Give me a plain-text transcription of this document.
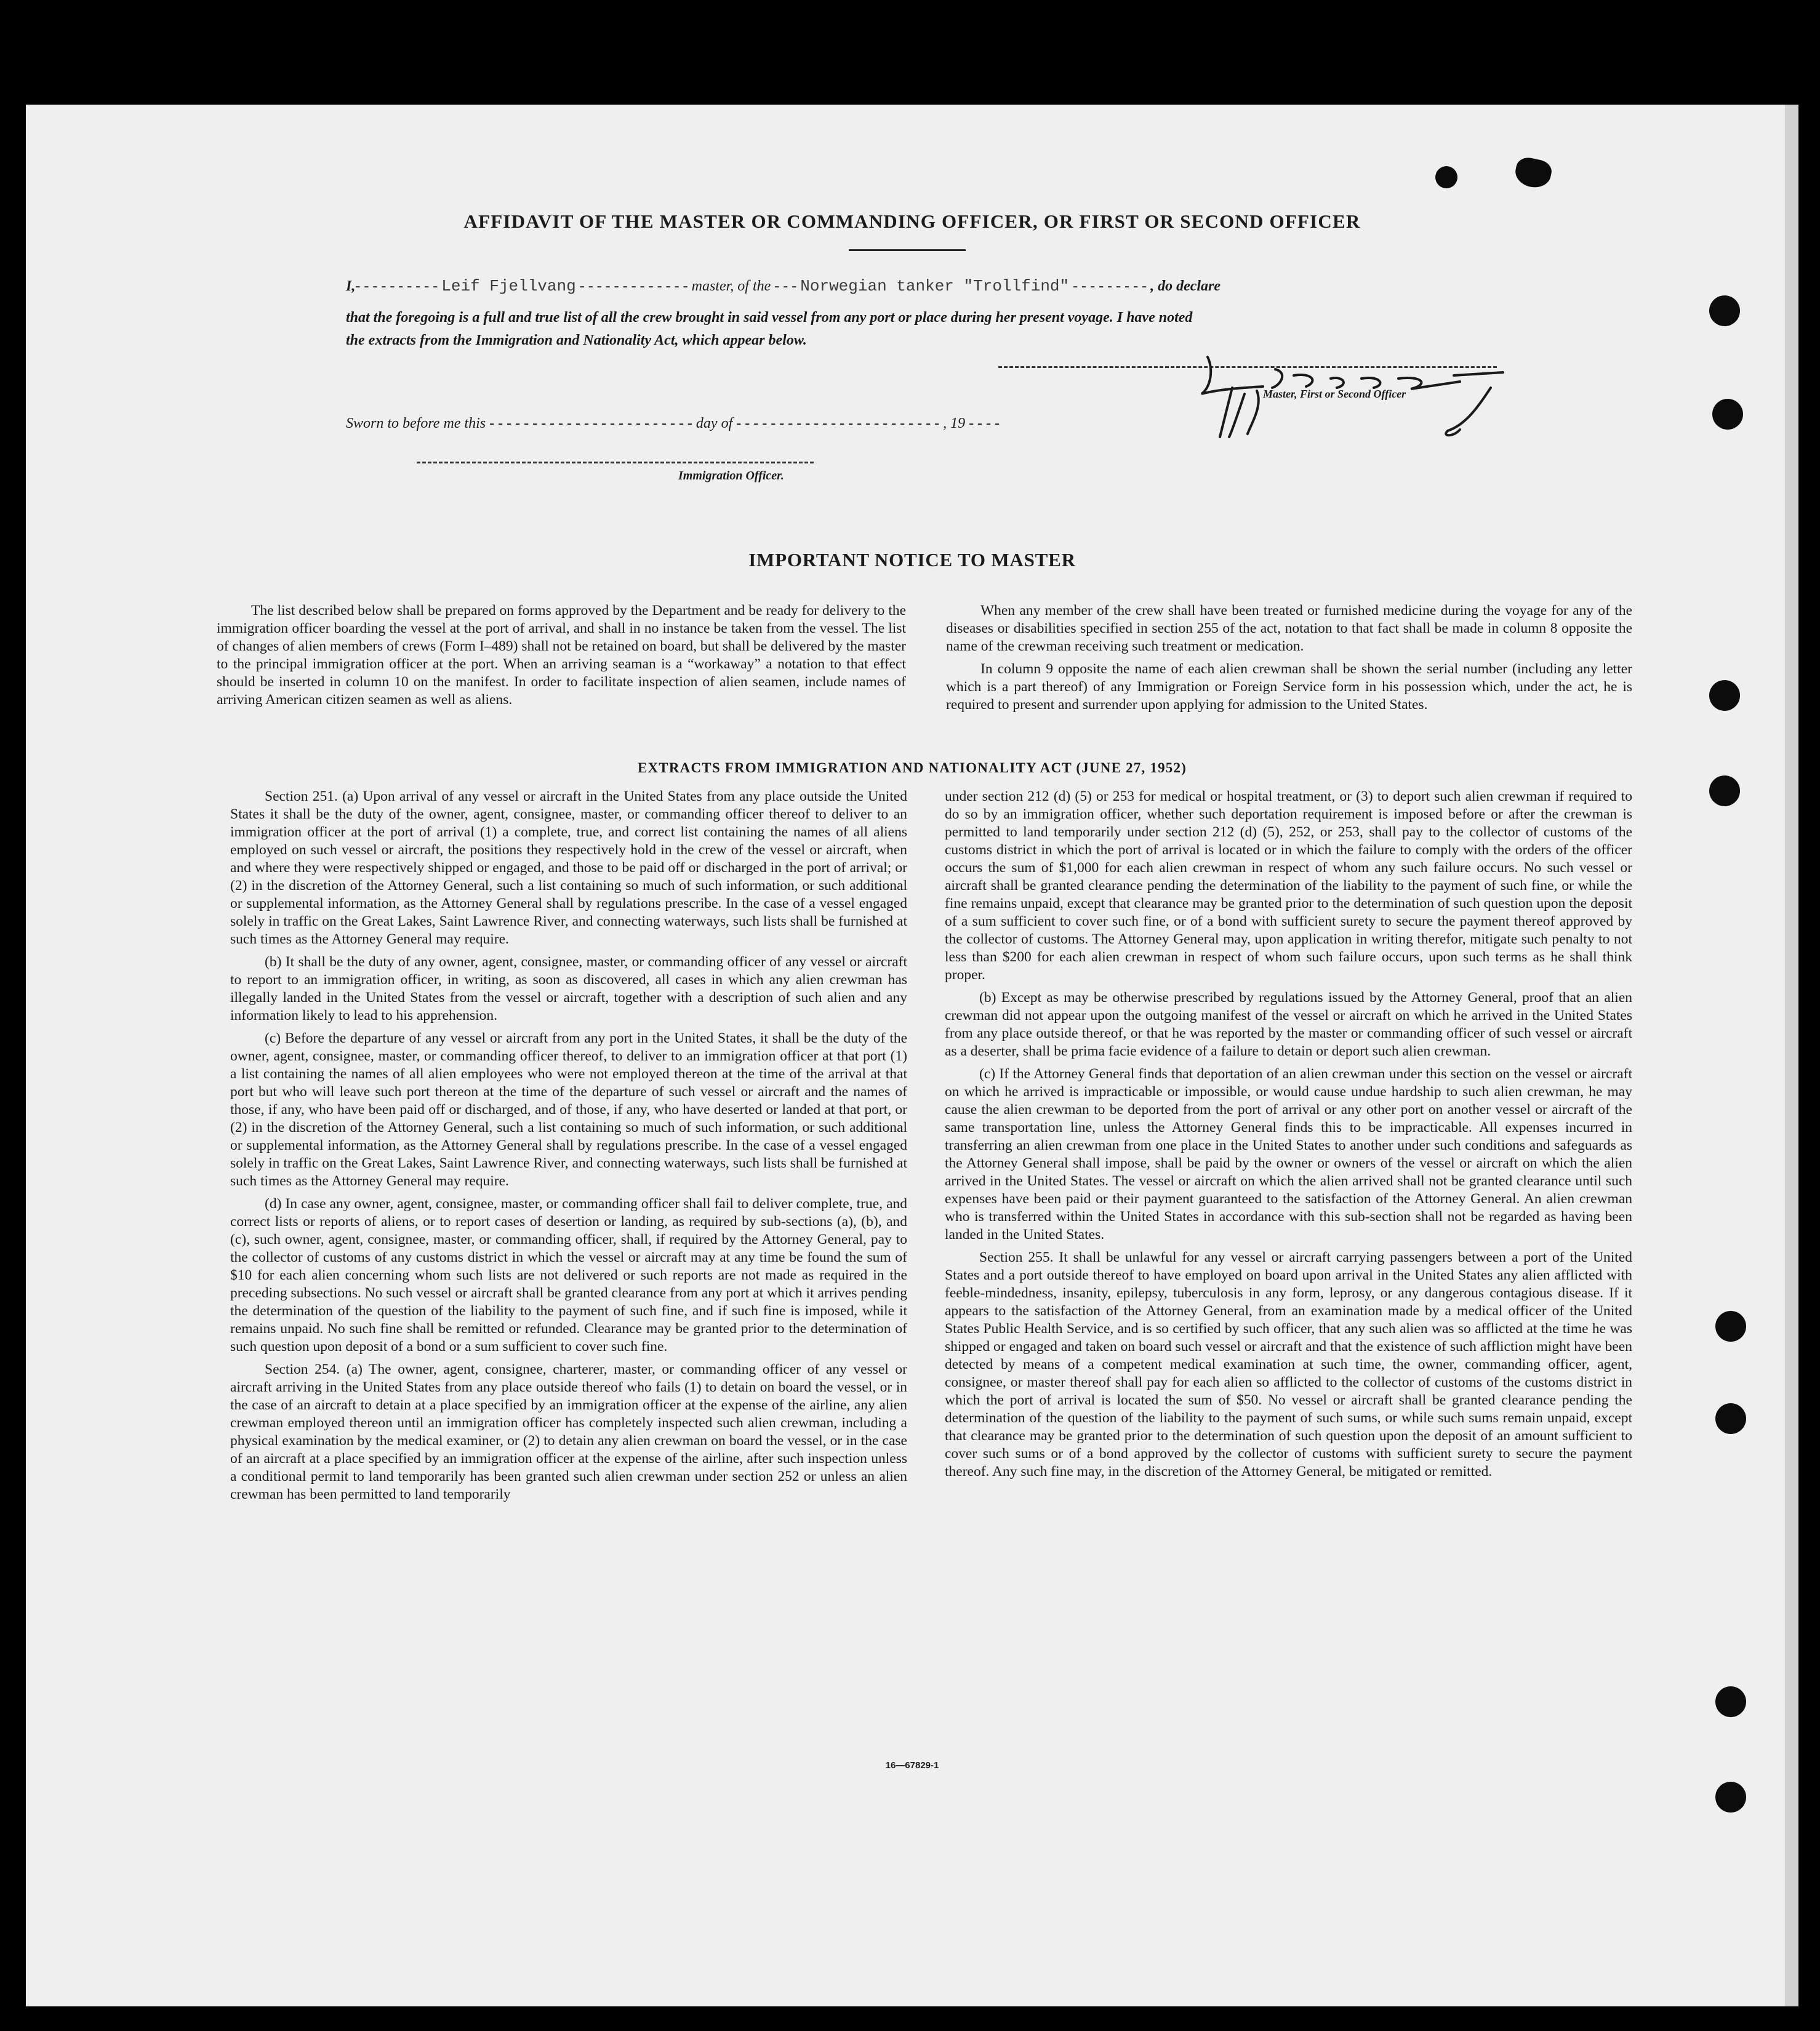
AFFIDAVIT OF THE MASTER OR COMMANDING OFFICER, OR FIRST OR SECOND OFFICER
I,- - - - - - - - - - Leif Fjellvang - - - - - - - - - - - - - master, of the - - - Norwegian tanker "Trollfind" - - - - - - - - - , do declare
that the foregoing is a full and true list of all the crew brought in said vessel from any port or place during her present voyage. I have noted
the extracts from the Immigration and Nationality Act, which appear below.
Master, First or Second Officer
Sworn to before me this - - - - - - - - - - - - - - - - - - - - - - - - day of - - - - - - - - - - - - - - - - - - - - - - - - , 19 - - - -
Immigration Officer.
IMPORTANT NOTICE TO MASTER

The list described below shall be prepared on forms approved by the Department and be ready for delivery to the immigration officer boarding the vessel at the port of arrival, and shall in no instance be taken from the vessel. The list of changes of alien members of crews (Form I–489) shall not be retained on board, but shall be delivered by the master to the principal immigration officer at the port. When an arriving seaman is a “workaway” a notation to that effect should be inserted in column 10 on the manifest. In order to facilitate inspection of alien seamen, include names of arriving American citizen seamen as well as aliens.

When any member of the crew shall have been treated or furnished medicine during the voyage for any of the diseases or disabilities specified in section 255 of the act, notation to that fact shall be made in column 8 opposite the name of the crewman receiving such treatment or medication.

In column 9 opposite the name of each alien crewman shall be shown the serial number (including any letter which is a part thereof) of any Immigration or Foreign Service form in his possession which, under the act, he is required to present and surrender upon applying for admission to the United States.

EXTRACTS FROM IMMIGRATION AND NATIONALITY ACT (JUNE 27, 1952)

Section 251. (a) Upon arrival of any vessel or aircraft in the United States from any place outside the United States it shall be the duty of the owner, agent, consignee, master, or commanding officer thereof to deliver to an immigration officer at the port of arrival (1) a complete, true, and correct list containing the names of all aliens employed on such vessel or aircraft, the positions they respectively hold in the crew of the vessel or aircraft, when and where they were respectively shipped or engaged, and those to be paid off or discharged in the port of arrival; or (2) in the discretion of the Attorney General, such a list containing so much of such information, or such additional or supplemental information, as the Attorney General shall by regulations prescribe. In the case of a vessel engaged solely in traffic on the Great Lakes, Saint Lawrence River, and connecting waterways, such lists shall be furnished at such times as the Attorney General may require.

(b) It shall be the duty of any owner, agent, consignee, master, or commanding officer of any vessel or aircraft to report to an immigration officer, in writing, as soon as discovered, all cases in which any alien crewman has illegally landed in the United States from the vessel or aircraft, together with a description of such alien and any information likely to lead to his apprehension.

(c) Before the departure of any vessel or aircraft from any port in the United States, it shall be the duty of the owner, agent, consignee, master, or commanding officer thereof, to deliver to an immigration officer at that port (1) a list containing the names of all alien employees who were not employed thereon at the time of the arrival at that port but who will leave such port thereon at the time of the departure of such vessel or aircraft and the names of those, if any, who have been paid off or discharged, and of those, if any, who have deserted or landed at that port, or (2) in the discretion of the Attorney General, such a list containing so much of such information, or such additional or supplemental information, as the Attorney General shall by regulations prescribe. In the case of a vessel engaged solely in traffic on the Great Lakes, Saint Lawrence River, and connecting waterways, such lists shall be furnished at such times as the Attorney General may require.

(d) In case any owner, agent, consignee, master, or commanding officer shall fail to deliver complete, true, and correct lists or reports of aliens, or to report cases of desertion or landing, as required by sub-sections (a), (b), and (c), such owner, agent, consignee, master, or commanding officer, shall, if required by the Attorney General, pay to the collector of customs of any customs district in which the vessel or aircraft may at any time be found the sum of $10 for each alien concerning whom such lists are not delivered or such reports are not made as required in the preceding subsections. No such vessel or aircraft shall be granted clearance from any port at which it arrives pending the determination of the question of the liability to the payment of such fine, and if such fine is imposed, while it remains unpaid. No such fine shall be remitted or refunded. Clearance may be granted prior to the determination of such question upon deposit of a bond or a sum sufficient to cover such fine.

Section 254. (a) The owner, agent, consignee, charterer, master, or commanding officer of any vessel or aircraft arriving in the United States from any place outside thereof who fails (1) to detain on board the vessel, or in the case of an aircraft to detain at a place specified by an immigration officer at the expense of the airline, any alien crewman employed thereon until an immigration officer has completely inspected such alien crewman, including a physical examination by the medical examiner, or (2) to detain any alien crewman on board the vessel, or in the case of an aircraft at a place specified by an immigration officer at the expense of the airline, after such inspection unless a conditional permit to land temporarily has been granted such alien crewman under section 252 or unless an alien crewman has been permitted to land temporarily

under section 212 (d) (5) or 253 for medical or hospital treatment, or (3) to deport such alien crewman if required to do so by an immigration officer, whether such deportation requirement is imposed before or after the crewman is permitted to land temporarily under section 212 (d) (5), 252, or 253, shall pay to the collector of customs of the customs district in which the port of arrival is located or in which the failure to comply with the orders of the officer occurs the sum of $1,000 for each alien crewman in respect of whom any such failure occurs. No such vessel or aircraft shall be granted clearance pending the determination of the liability to the payment of such fine, or while the fine remains unpaid, except that clearance may be granted prior to the determination of such question upon the deposit of a sum sufficient to cover such fine, or of a bond with sufficient surety to secure the payment thereof approved by the collector of customs. The Attorney General may, upon application in writing therefor, mitigate such penalty to not less than $200 for each alien crewman in respect of whom such failure occurs, upon such terms as he shall think proper.

(b) Except as may be otherwise prescribed by regulations issued by the Attorney General, proof that an alien crewman did not appear upon the outgoing manifest of the vessel or aircraft on which he arrived in the United States from any place outside thereof, or that he was reported by the master or commanding officer of such vessel or aircraft as a deserter, shall be prima facie evidence of a failure to detain or deport such alien crewman.

(c) If the Attorney General finds that deportation of an alien crewman under this section on the vessel or aircraft on which he arrived is impracticable or impossible, or would cause undue hardship to such alien crewman, he may cause the alien crewman to be deported from the port of arrival or any other port on another vessel or aircraft of the same transportation line, unless the Attorney General finds this to be impracticable. All expenses incurred in transferring an alien crewman from one place in the United States to another under such conditions and safeguards as the Attorney General shall impose, shall be paid by the owner or owners of the vessel or aircraft on which the alien arrived in the United States. The vessel or aircraft on which the alien arrived shall not be granted clearance until such expenses have been paid or their payment guaranteed to the satisfaction of the Attorney General. An alien crewman who is transferred within the United States in accordance with this sub-section shall not be regarded as having been landed in the United States.

Section 255. It shall be unlawful for any vessel or aircraft carrying passengers between a port of the United States and a port outside thereof to have employed on board upon arrival in the United States any alien afflicted with feeble-mindedness, insanity, epilepsy, tuberculosis in any form, leprosy, or any dangerous contagious disease. If it appears to the satisfaction of the Attorney General, from an examination made by a medical officer of the United States Public Health Service, and is so certified by such officer, that any such alien was so afflicted at the time he was shipped or engaged and taken on board such vessel or aircraft and that the existence of such affliction might have been detected by means of a competent medical examination at such time, the owner, commanding officer, agent, consignee, or master thereof shall pay for each alien so afflicted to the collector of customs of the customs district in which the port of arrival is located the sum of $50. No vessel or aircraft shall be granted clearance pending the determination of the question of the liability to the payment of such sums, or while such sums remain unpaid, except that clearance may be granted prior to the determination of such question upon the deposit of an amount sufficient to cover such sums or of a bond approved by the collector of customs with sufficient surety to secure the payment thereof. Any such fine may, in the discretion of the Attorney General, be mitigated or remitted.

16—67829-1
